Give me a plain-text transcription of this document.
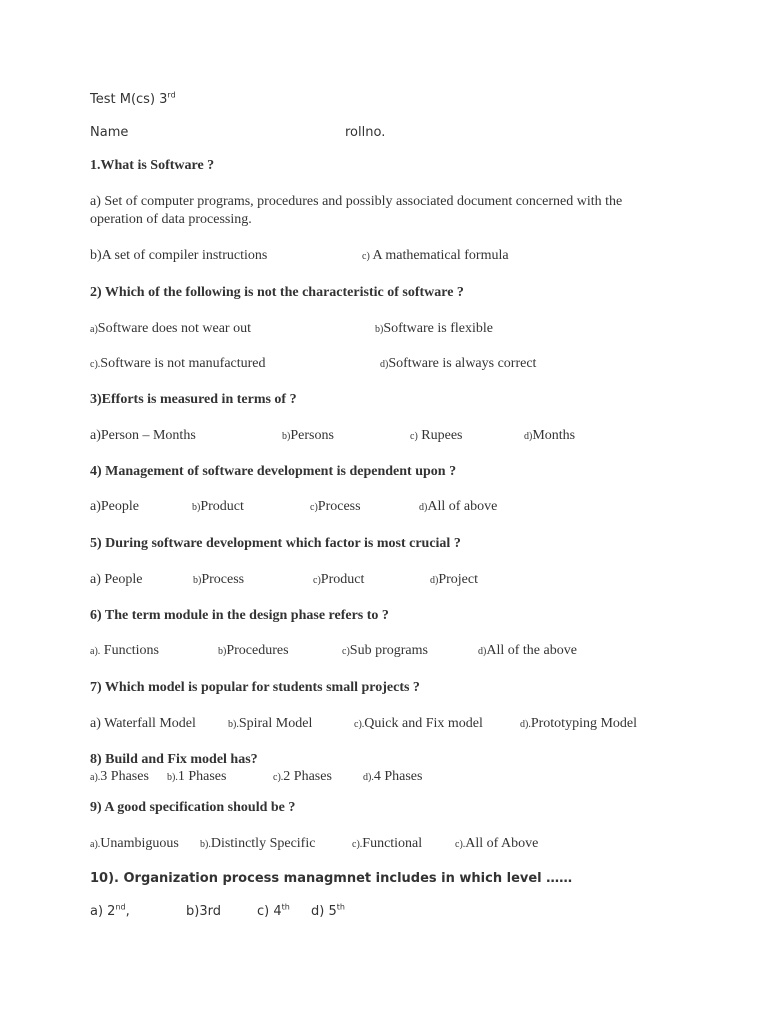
Test M(cs) 3rd
Name	rollno.
1.What is Software ?
a) Set of computer programs, procedures and possibly associated document concerned with the operation of data processing.
b)A set of compiler instructions	c) A mathematical formula
2) Which of the following is not the characteristic of software ?
a)Software does not wear out	b)Software is flexible
c).Software is not manufactured	d)Software is always correct
3)Efforts is measured in terms of ?
a)Person – Months	b)Persons	c) Rupees	d)Months
4) Management of software development is dependent upon ?
a)People	b)Product	c)Process	d)All of above
5) During software development which factor is most crucial ?
a) People	b)Process	c)Product	d)Project
6) The term module in the design phase refers to ?
a). Functions	b)Procedures	c)Sub programs	d)All of the above
7) Which model is popular for students small projects ?
a) Waterfall Model	b).Spiral Model	c).Quick and Fix model	d).Prototyping Model
8) Build and Fix model has?
a).3 Phases b).1 Phases	c).2 Phases	d).4 Phases
9) A good specification should be ?
a).Unambiguous b).Distinctly Specific	c).Functional	c).All of Above
10). Organization process managmnet includes in which level ……
a) 2nd,	b)3rd	c) 4th d) 5th
